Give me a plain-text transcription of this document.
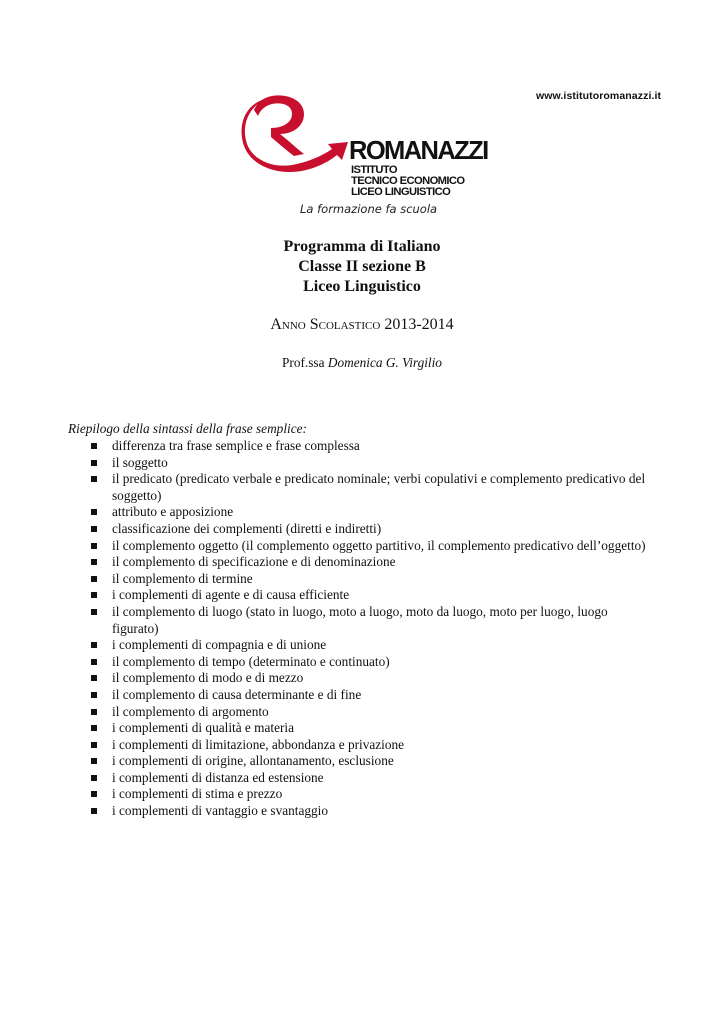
www.istitutoromanazzi.it
ROMANAZZI
ISTITUTO
TECNICO ECONOMICO
LICEO LINGUISTICO
La formazione fa scuola
Programma di Italiano
Classe II sezione B
Liceo Linguistico
Anno Scolastico 2013-2014
Prof.ssa Domenica G. Virgilio
Riepilogo della sintassi della frase semplice:
differenza tra frase semplice e frase complessa
il soggetto
il predicato (predicato verbale e predicato nominale; verbi copulativi e complemento predicativo del soggetto)
attributo e apposizione
classificazione dei complementi (diretti e indiretti)
il complemento oggetto (il complemento oggetto partitivo, il complemento predicativo dell’oggetto)
il complemento di specificazione e di denominazione
il complemento di termine
i complementi di agente e di causa efficiente
il complemento di luogo (stato in luogo, moto a luogo, moto da luogo, moto per luogo, luogo figurato)
i complementi di compagnia e di unione
il complemento di tempo (determinato e continuato)
il complemento di modo e di mezzo
il complemento di causa determinante e di fine
il complemento di argomento
i complementi di qualità e materia
i complementi di limitazione, abbondanza e privazione
i complementi di origine, allontanamento, esclusione
i complementi di distanza ed estensione
i complementi di stima e prezzo
i complementi di vantaggio e svantaggio
